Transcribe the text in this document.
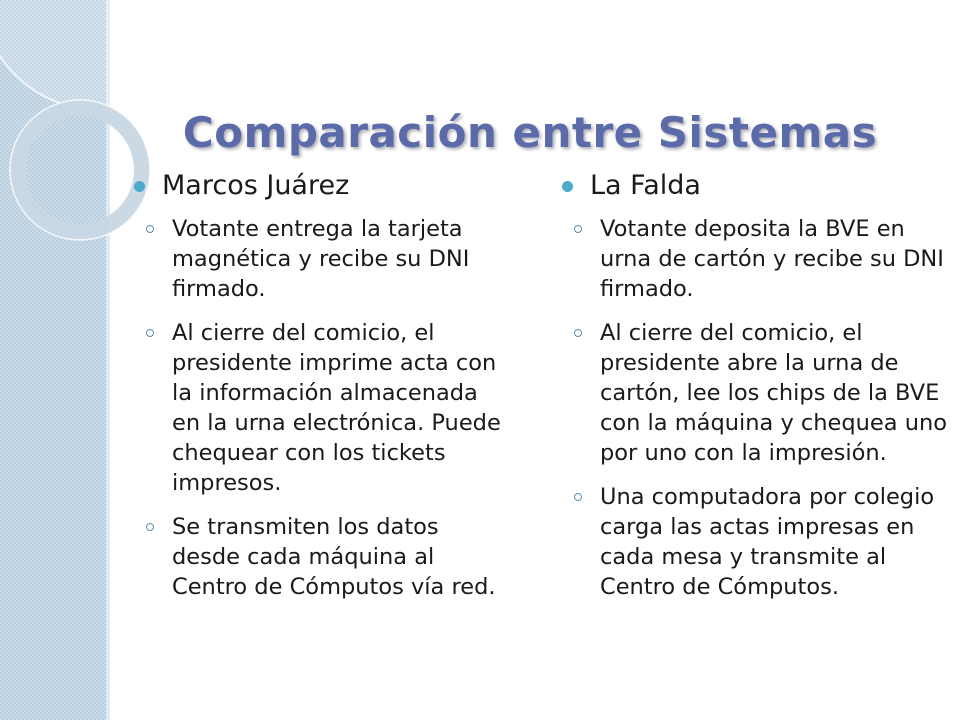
Comparación entre Sistemas
Marcos Juárez
Votante entrega la tarjeta magnética y recibe su DNI firmado.
Al cierre del comicio, el presidente imprime acta con la información almacenada en la urna electrónica. Puede chequear con los tickets impresos.
Se transmiten los datos desde cada máquina al Centro de Cómputos vía red.
La Falda
Votante deposita la BVE en urna de cartón y recibe su DNI firmado.
Al cierre del comicio, el presidente abre la urna de cartón, lee los chips de la BVE con la máquina y chequea uno por uno con la impresión.
Una computadora por colegio carga las actas impresas en cada mesa y transmite al Centro de Cómputos.
